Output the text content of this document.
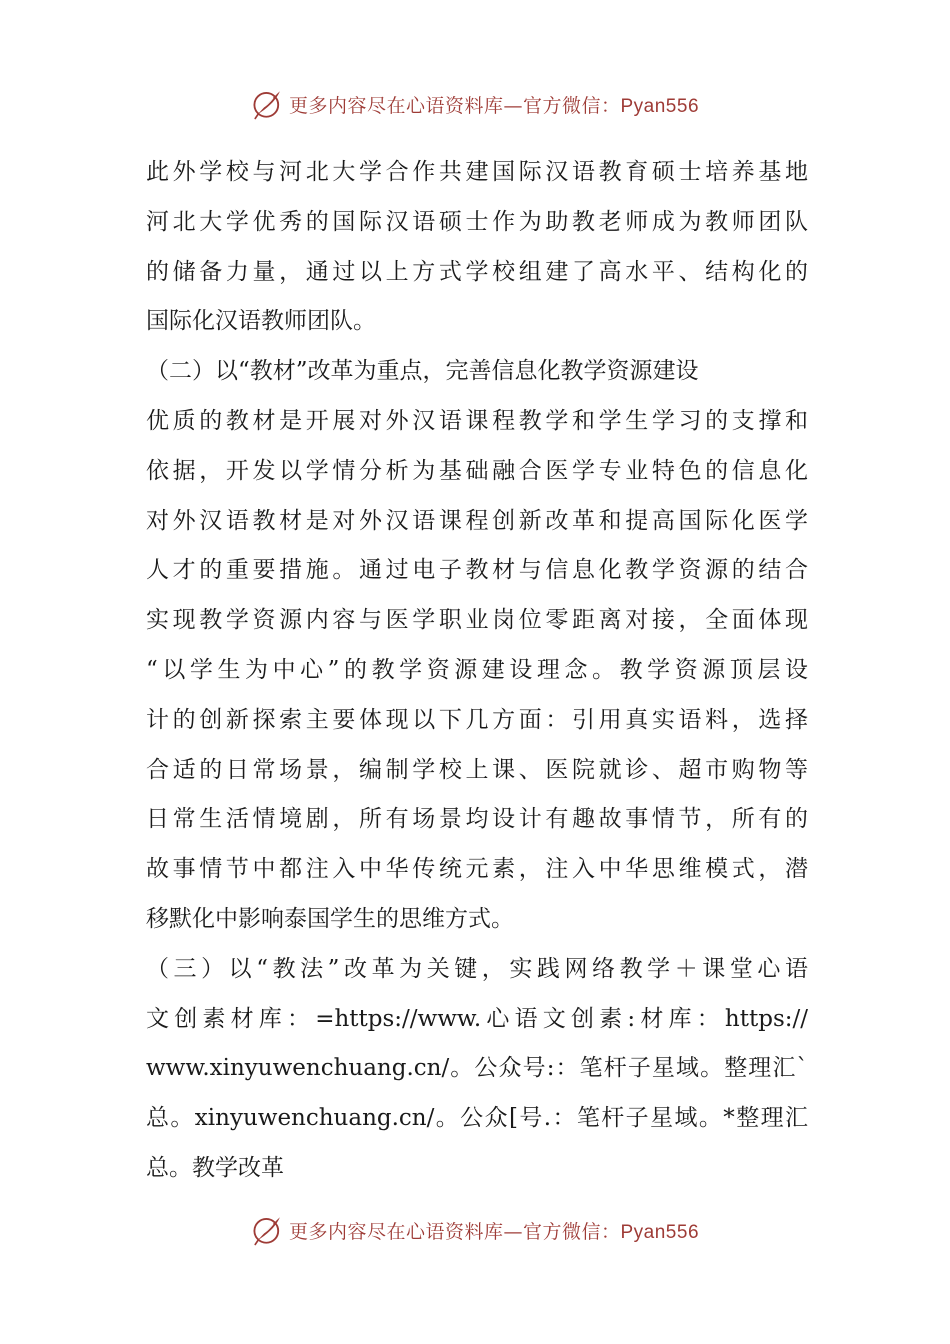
更多内容尽在心语资料库—官方微信：Pyan556
此外学校与河北大学合作共建国际汉语教育硕士培养基地
河北大学优秀的国际汉语硕士作为助教老师成为教师团队
的储备力量，通过以上方式学校组建了高水平、结构化的
国际化汉语教师团队。
（二）以“教材”改革为重点，完善信息化教学资源建设
优质的教材是开展对外汉语课程教学和学生学习的支撑和
依据，开发以学情分析为基础融合医学专业特色的信息化
对外汉语教材是对外汉语课程创新改革和提高国际化医学
人才的重要措施。通过电子教材与信息化教学资源的结合
实现教学资源内容与医学职业岗位零距离对接，全面体现
“以学生为中心”的教学资源建设理念。教学资源顶层设
计的创新探索主要体现以下几方面：引用真实语料，选择
合适的日常场景，编制学校上课、医院就诊、超市购物等
日常生活情境剧，所有场景均设计有趣故事情节，所有的
故事情节中都注入中华传统元素，注入中华思维模式，潜
移默化中影响泰国学生的思维方式。
（三）以“教法”改革为关键，实践网络教学＋课堂心语
文创素材库：=https://www.心语文创素:材库：https://
www.xinyuwenchuang.cn/。公众号:：笔杆子星域。整理汇`
总。xinyuwenchuang.cn/。公众[号.：笔杆子星域。*整理汇
总。教学改革
更多内容尽在心语资料库—官方微信：Pyan556
